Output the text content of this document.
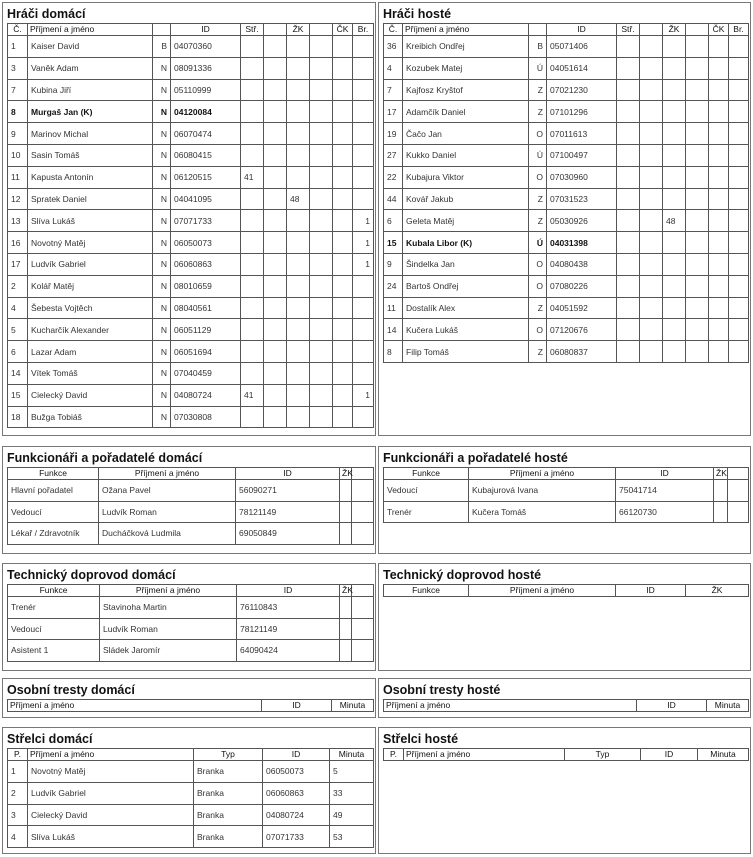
Hráči domácí
Č.	Příjmení a jméno		ID	Stř.		ŽK		ČK	Br.
1	Kaiser David	B	04070360						
3	Vaněk Adam	N	08091336						
7	Kubina Jiří	N	05110999						
8	Murgaš Jan (K)	N	04120084						
9	Marinov Michal	N	06070474						
10	Sasin Tomáš	N	06080415						
11	Kapusta Antonín	N	06120515	41					
12	Spratek Daniel	N	04041095			48			
13	Slíva Lukáš	N	07071733						1
16	Novotný Matěj	N	06050073						1
17	Ludvík Gabriel	N	06060863						1
2	Kolář Matěj	N	08010659						
4	Šebesta Vojtěch	N	08040561						
5	Kucharčík Alexander	N	06051129						
6	Lazar Adam	N	06051694						
14	Vítek Tomáš	N	07040459						
15	Cielecký David	N	04080724	41					1
18	Bužga Tobiáš	N	07030808						
Hráči hosté
Č.	Příjmení a jméno		ID	Stř.		ŽK		ČK	Br.
36	Kreibich Ondřej	B	05071406						
4	Kozubek Matej	Ú	04051614						
7	Kajfosz Kryštof	Z	07021230						
17	Adamčík Daniel	Z	07101296						
19	Čačo Jan	O	07011613						
27	Kukko Daniel	Ú	07100497						
22	Kubajura Viktor	O	07030960						
44	Kovář Jakub	Z	07031523						
6	Geleta Matěj	Z	05030926			48			
15	Kubala Libor (K)	Ú	04031398						
9	Šindelka Jan	O	04080438						
24	Bartoš Ondřej	O	07080226						
11	Dostalík Alex	Z	04051592						
14	Kučera Lukáš	O	07120676						
8	Filip Tomáš	Z	06080837						
Funkcionáři a pořadatelé domácí
Funkce	Příjmení a jméno	ID	ŽK	
Hlavní pořadatel	Ožana Pavel	56090271		
Vedoucí	Ludvík Roman	78121149		
Lékař / Zdravotník	Ducháčková Ludmila	69050849		
Funkcionáři a pořadatelé hosté
Funkce	Příjmení a jméno	ID	ŽK	
Vedoucí	Kubajurová Ivana	75041714		
Trenér	Kučera Tomáš	66120730		
Technický doprovod domácí
Funkce	Příjmení a jméno	ID	ŽK	
Trenér	Stavinoha Martin	76110843		
Vedoucí	Ludvík Roman	78121149		
Asistent 1	Sládek Jaromír	64090424		
Technický doprovod hosté
Funkce	Příjmení a jméno	ID	ŽK
Osobní tresty domácí
Příjmení a jméno	ID	Minuta
Osobní tresty hosté
Příjmení a jméno	ID	Minuta
Střelci domácí
P.	Příjmení a jméno	Typ	ID	Minuta
1	Novotný Matěj	Branka	06050073	5
2	Ludvík Gabriel	Branka	06060863	33
3	Cielecký David	Branka	04080724	49
4	Slíva Lukáš	Branka	07071733	53
Střelci hosté
P.	Příjmení a jméno	Typ	ID	Minuta
